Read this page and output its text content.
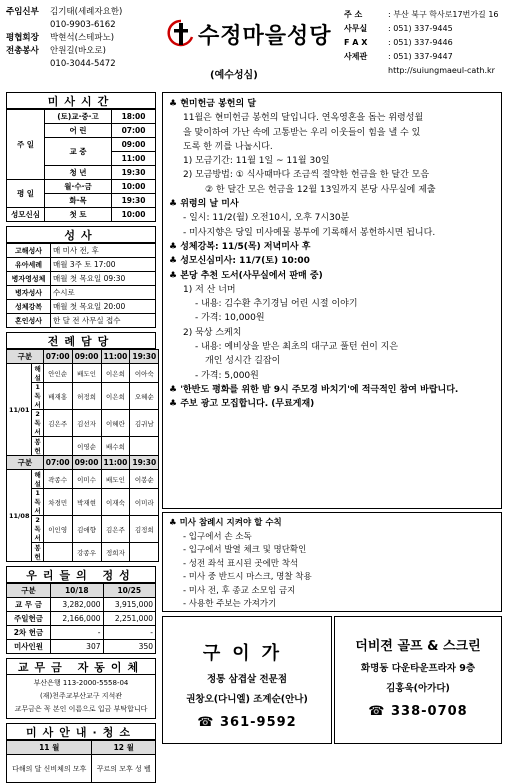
주임신부	김기태(세례자요한)
010-9903-6162
평협회장	박현석(스테파노)
전총봉사	안원길(바오로)
010-3044-5472
수정마을성당
(예수성심)
주 소	: 부산 북구 학사로17번가길 16
사무실	: 051) 337-9445
F A X	: 051) 337-9446
사제관	: 051) 337-9447
http://suiungmaeul-cath.kr
미사시간
주 일	(토)교·중·고	18:00
	어 린	07:00
	교 중	09:00
		11:00
	청 년	19:30
평 일	월·수·금	10:00
	화·목	19:30
성모신심	첫 토	10:00
성사
고해성사	매 미사 전, 후
유아세례	매월 3주 토 17:00
병자영성체	매월 첫 목요일 09:30
병자성사	수시로
성체강복	매월 첫 목요일 20:00
혼인성사	한 달 전 사무실 접수
전례담당
구분		07:00	09:00	11:00	19:30
11/01	해 설	안인순	배도인	이은희	이아숙
	1독서	배재홍	허정희	이은희	오혜순
	2독서	김은주	김선자	이혜란	김귀남
	봉 헌		이영순	배수희	
구분		07:00	09:00	11:00	19:30
11/08	해 설	곽종수	이미수	배도인	이봉순
	1독서	차경민	박재현	이재숙	이미라
	2독서	이인영	김애향	김은주	김정희
	봉 헌		강종우	정희자	
우리들의 정성
구분	10/18	10/25
교 무 금	3,282,000	3,915,000
주일헌금	2,166,000	2,251,000
2차 헌금	-	-
미사인원	307	350
교무금 자동이체
부산은행 113-2000-5558-04
(재)천주교부산교구 지석관
교무금은 꼭 본인 이름으로 입금 부탁합니다
미사안내·청소
11 월	12 월
다해의 달 신비체의 모후	꾸르의 모후 성 벨
♣ 현미헌금 봉헌의 달
11월은 현미헌금 봉헌의 달입니다. 연옥영혼을 돕는 위령성월
을 맞이하여 가난 속에 고통받는 우리 이웃들이 힘을 낼 수 있
도록 한 끼를 나눕시다.
1) 모금기간: 11월 1일 ~ 11월 30일
2) 모금방법: ① 식사때마다 조금씩 절약한 헌금을 한 달간 모음
② 한 달간 모은 헌금을 12월 13일까지 본당 사무실에 제출
♣ 위령의 날 미사
- 일시: 11/2(월) 오전10시, 오후 7시30분
- 미사지향은 당일 미사예물 봉투에 기록해서 봉헌하시면 됩니다.
♣ 성체강복: 11/5(목) 저녁미사 후
♣ 성모신심미사: 11/7(토) 10:00
♣ 본당 추천 도서(사무실에서 판매 중)
1) 저 산 너머
- 내용: 김수환 추기경님 어린 시절 이야기
- 가격: 10,000원
2) 묵상 스케치
- 내용: 예비상을 받은 최초의 대구교 풀턴 쉰이 지은
개인 성시간 길잡이
- 가격: 5,000원
♣ '한반도 평화를 위한 밤 9시 주모경 바치기'에 적극적인 참여 바랍니다.
♣ 주보 광고 모집합니다. (무료게재)
♣ 미사 참례시 지켜야 할 수칙
- 입구에서 손 소독
- 입구에서 발열 체크 및 명단확인
- 성전 좌석 표시된 곳에만 착석
- 미사 중 반드시 마스크, 명찰 착용
- 미사 전, 후 종교 소모임 금지
- 사용한 주보는 가져가기
구이가
정통 삼겹살 전문점
권창오(다니엘) 조계순(안나)
☎ 361-9592
더비젼 골프 & 스크린
화명동 다운타운프라자 9층
김홍욱(아가다)
☎ 338-0708
